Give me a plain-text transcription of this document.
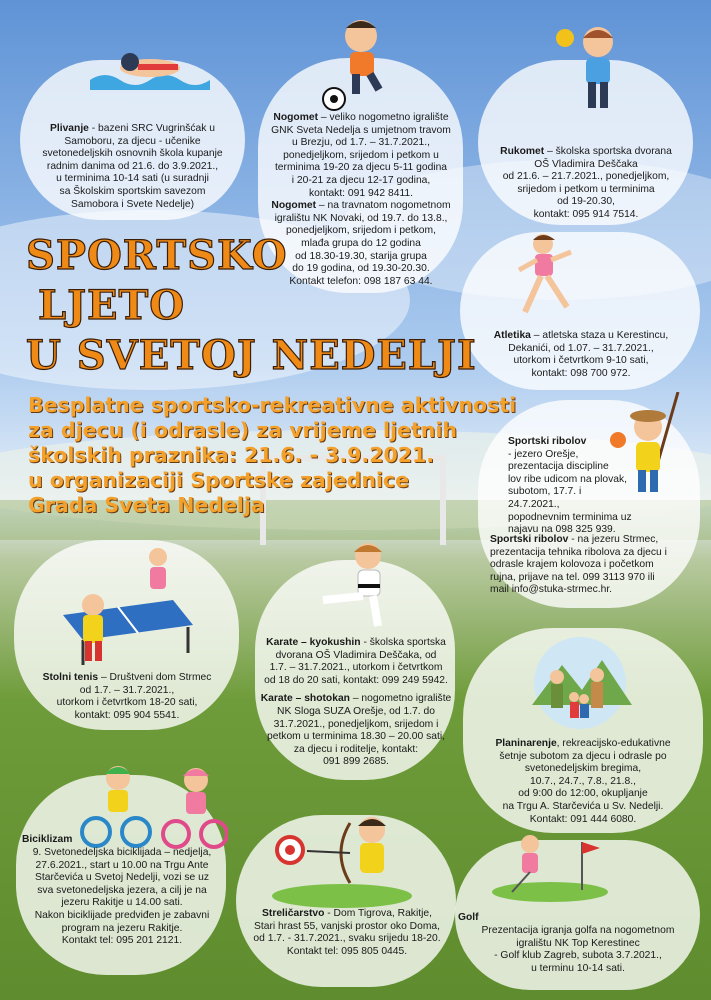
SPORTSKO
LJETO
U SVETOJ NEDELJI
Besplatne sportsko-rekreativne aktivnosti
za djecu (i odrasle) za vrijeme ljetnih
školskih praznika: 21.6. - 3.9.2021.
u organizaciji Sportske zajednice
Grada Sveta Nedelja

Plivanje - bazeni SRC Vugrinšćak u

Samoboru, za djecu - učenike

svetonedeljskih osnovnih škola kupanje

radnim danima od 21.6. do 3.9.2021.,

u terminima 10-14 sati (u suradnji

sa Školskim sportskim savezom

Samobora i Svete Nedelje)

Nogomet – veliko nogometno igralište

GNK Sveta Nedelja s umjetnom travom

u Brezju, od 1.7. – 31.7.2021.,

ponedjeljkom, srijedom i petkom u

terminima 19-20 za djecu 5-11 godina

i 20-21 za djecu 12-17 godina,

kontakt: 091 942 8411.

Nogomet – na travnatom nogometnom

igralištu NK Novaki, od 19.7. do 13.8.,

ponedjeljkom, srijedom i petkom,

mlađa grupa do 12 godina

od 18.30-19.30, starija grupa

do 19 godina, od 19.30-20.30.

Kontakt telefon: 098 187 63 44.

Rukomet – školska sportska dvorana

OŠ Vladimira Deščaka

od 21.6. – 21.7.2021., ponedjeljkom,

srijedom i petkom u terminima

od 19-20.30,

kontakt: 095 914 7514.

Atletika – atletska staza u Kerestincu,

Dekanići, od 1.07. – 31.7.2021.,

utorkom i četvrtkom 9-10 sati,

kontakt: 098 700 972.

Sportski ribolov

- jezero Orešje,

prezentacija discipline

lov ribe udicom na plovak,

subotom, 17.7. i 24.7.2021.,

popodnevnim terminima uz

najavu na 098 325 939.

Sportski ribolov - na jezeru Strmec,

prezentacija tehnika ribolova za djecu i

odrasle krajem kolovoza i početkom

rujna, prijave na tel. 099 3113 970 ili

mail info@stuka-strmec.hr.

Stolni tenis – Društveni dom Strmec

od 1.7. – 31.7.2021.,

utorkom i četvrtkom 18-20 sati,

kontakt: 095 904 5541.

Karate – kyokushin - školska sportska

dvorana OŠ Vladimira Deščaka, od

1.7. – 31.7.2021., utorkom i četvrtkom

od 18 do 20 sati, kontakt: 099 249 5942.

Karate – shotokan – nogometno igralište

NK Sloga SUZA Orešje, od 1.7. do

31.7.2021., ponedjeljkom, srijedom i

petkom u terminima 18.30 – 20.00 sati,

za djecu i roditelje, kontakt:

091 899 2685.

Planinarenje, rekreacijsko-edukativne

šetnje subotom za djecu i odrasle po

svetonedeljskim bregima,

10.7., 24.7., 7.8., 21.8.,

od 9:00 do 12:00, okupljanje

na Trgu A. Starčevića u Sv. Nedelji.

Kontakt: 091 444 6080.

Biciklizam

9. Svetonedeljska biciklijada – nedjelja,

27.6.2021., start u 10.00 na Trgu Ante

Starčevića u Svetoj Nedelji, vozi se uz

sva svetonedeljska jezera, a cilj je na

jezeru Rakitje u 14.00 sati.

Nakon biciklijade predviđen je zabavni

program na jezeru Rakitje.

Kontakt tel: 095 201 2121.

Streličarstvo - Dom Tigrova, Rakitje,

Stari hrast 55, vanjski prostor oko Doma,

od 1.7. - 31.7.2021., svaku srijedu 18-20.

Kontakt tel: 095 805 0445.

Golf

Prezentacija igranja golfa na nogometnom

igralištu NK Top Kerestinec

- Golf klub Zagreb, subota 3.7.2021.,

u terminu 10-14 sati.
